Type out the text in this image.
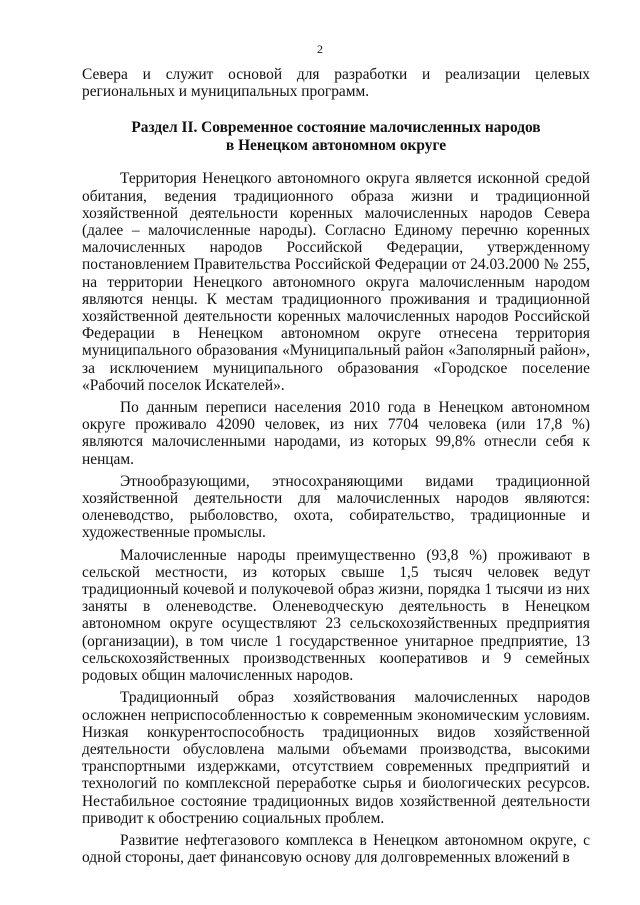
2

Севера и служит основой для разработки и реализации целевых региональных и муниципальных программ.

Раздел II. Современное состояние малочисленных народов
в Ненецком автономном округе

Территория Ненецкого автономного округа является исконной средой обитания, ведения традиционного образа жизни и традиционной хозяйственной деятельности коренных малочисленных народов Севера (далее – малочисленные народы). Согласно Единому перечню коренных малочисленных народов Российской Федерации, утвержденному постановлением Правительства Российской Федерации от 24.03.2000 № 255, на территории Ненецкого автономного округа малочисленным народом являются ненцы. К местам традиционного проживания и традиционной хозяйственной деятельности коренных малочисленных народов Российской Федерации в Ненецком автономном округе отнесена территория муниципального образования «Муниципальный район «Заполярный район», за исключением муниципального образования «Городское поселение «Рабочий поселок Искателей».

По данным переписи населения 2010 года в Ненецком автономном округе проживало 42090 человек, из них 7704 человека (или 17,8 %) являются малочисленными народами, из которых 99,8% отнесли себя к ненцам.

Этнообразующими, этносохраняющими видами традиционной хозяйственной деятельности для малочисленных народов являются: оленеводство, рыболовство, охота, собирательство, традиционные и художественные промыслы.

Малочисленные народы преимущественно (93,8 %) проживают в сельской местности, из которых свыше 1,5 тысяч человек ведут традиционный кочевой и полукочевой образ жизни, порядка 1 тысячи из них заняты в оленеводстве. Оленеводческую деятельность в Ненецком автономном округе осуществляют 23 сельскохозяйственных предприятия (организации), в том числе 1 государственное унитарное предприятие, 13 сельскохозяйственных производственных кооперативов и 9 семейных родовых общин малочисленных народов.

Традиционный образ хозяйствования малочисленных народов осложнен неприспособленностью к современным экономическим условиям. Низкая конкурентоспособность традиционных видов хозяйственной деятельности обусловлена малыми объемами производства, высокими транспортными издержками, отсутствием современных предприятий и технологий по комплексной переработке сырья и биологических ресурсов. Нестабильное состояние традиционных видов хозяйственной деятельности приводит к обострению социальных проблем.

Развитие нефтегазового комплекса в Ненецком автономном округе, с одной стороны, дает финансовую основу для долговременных вложений в
